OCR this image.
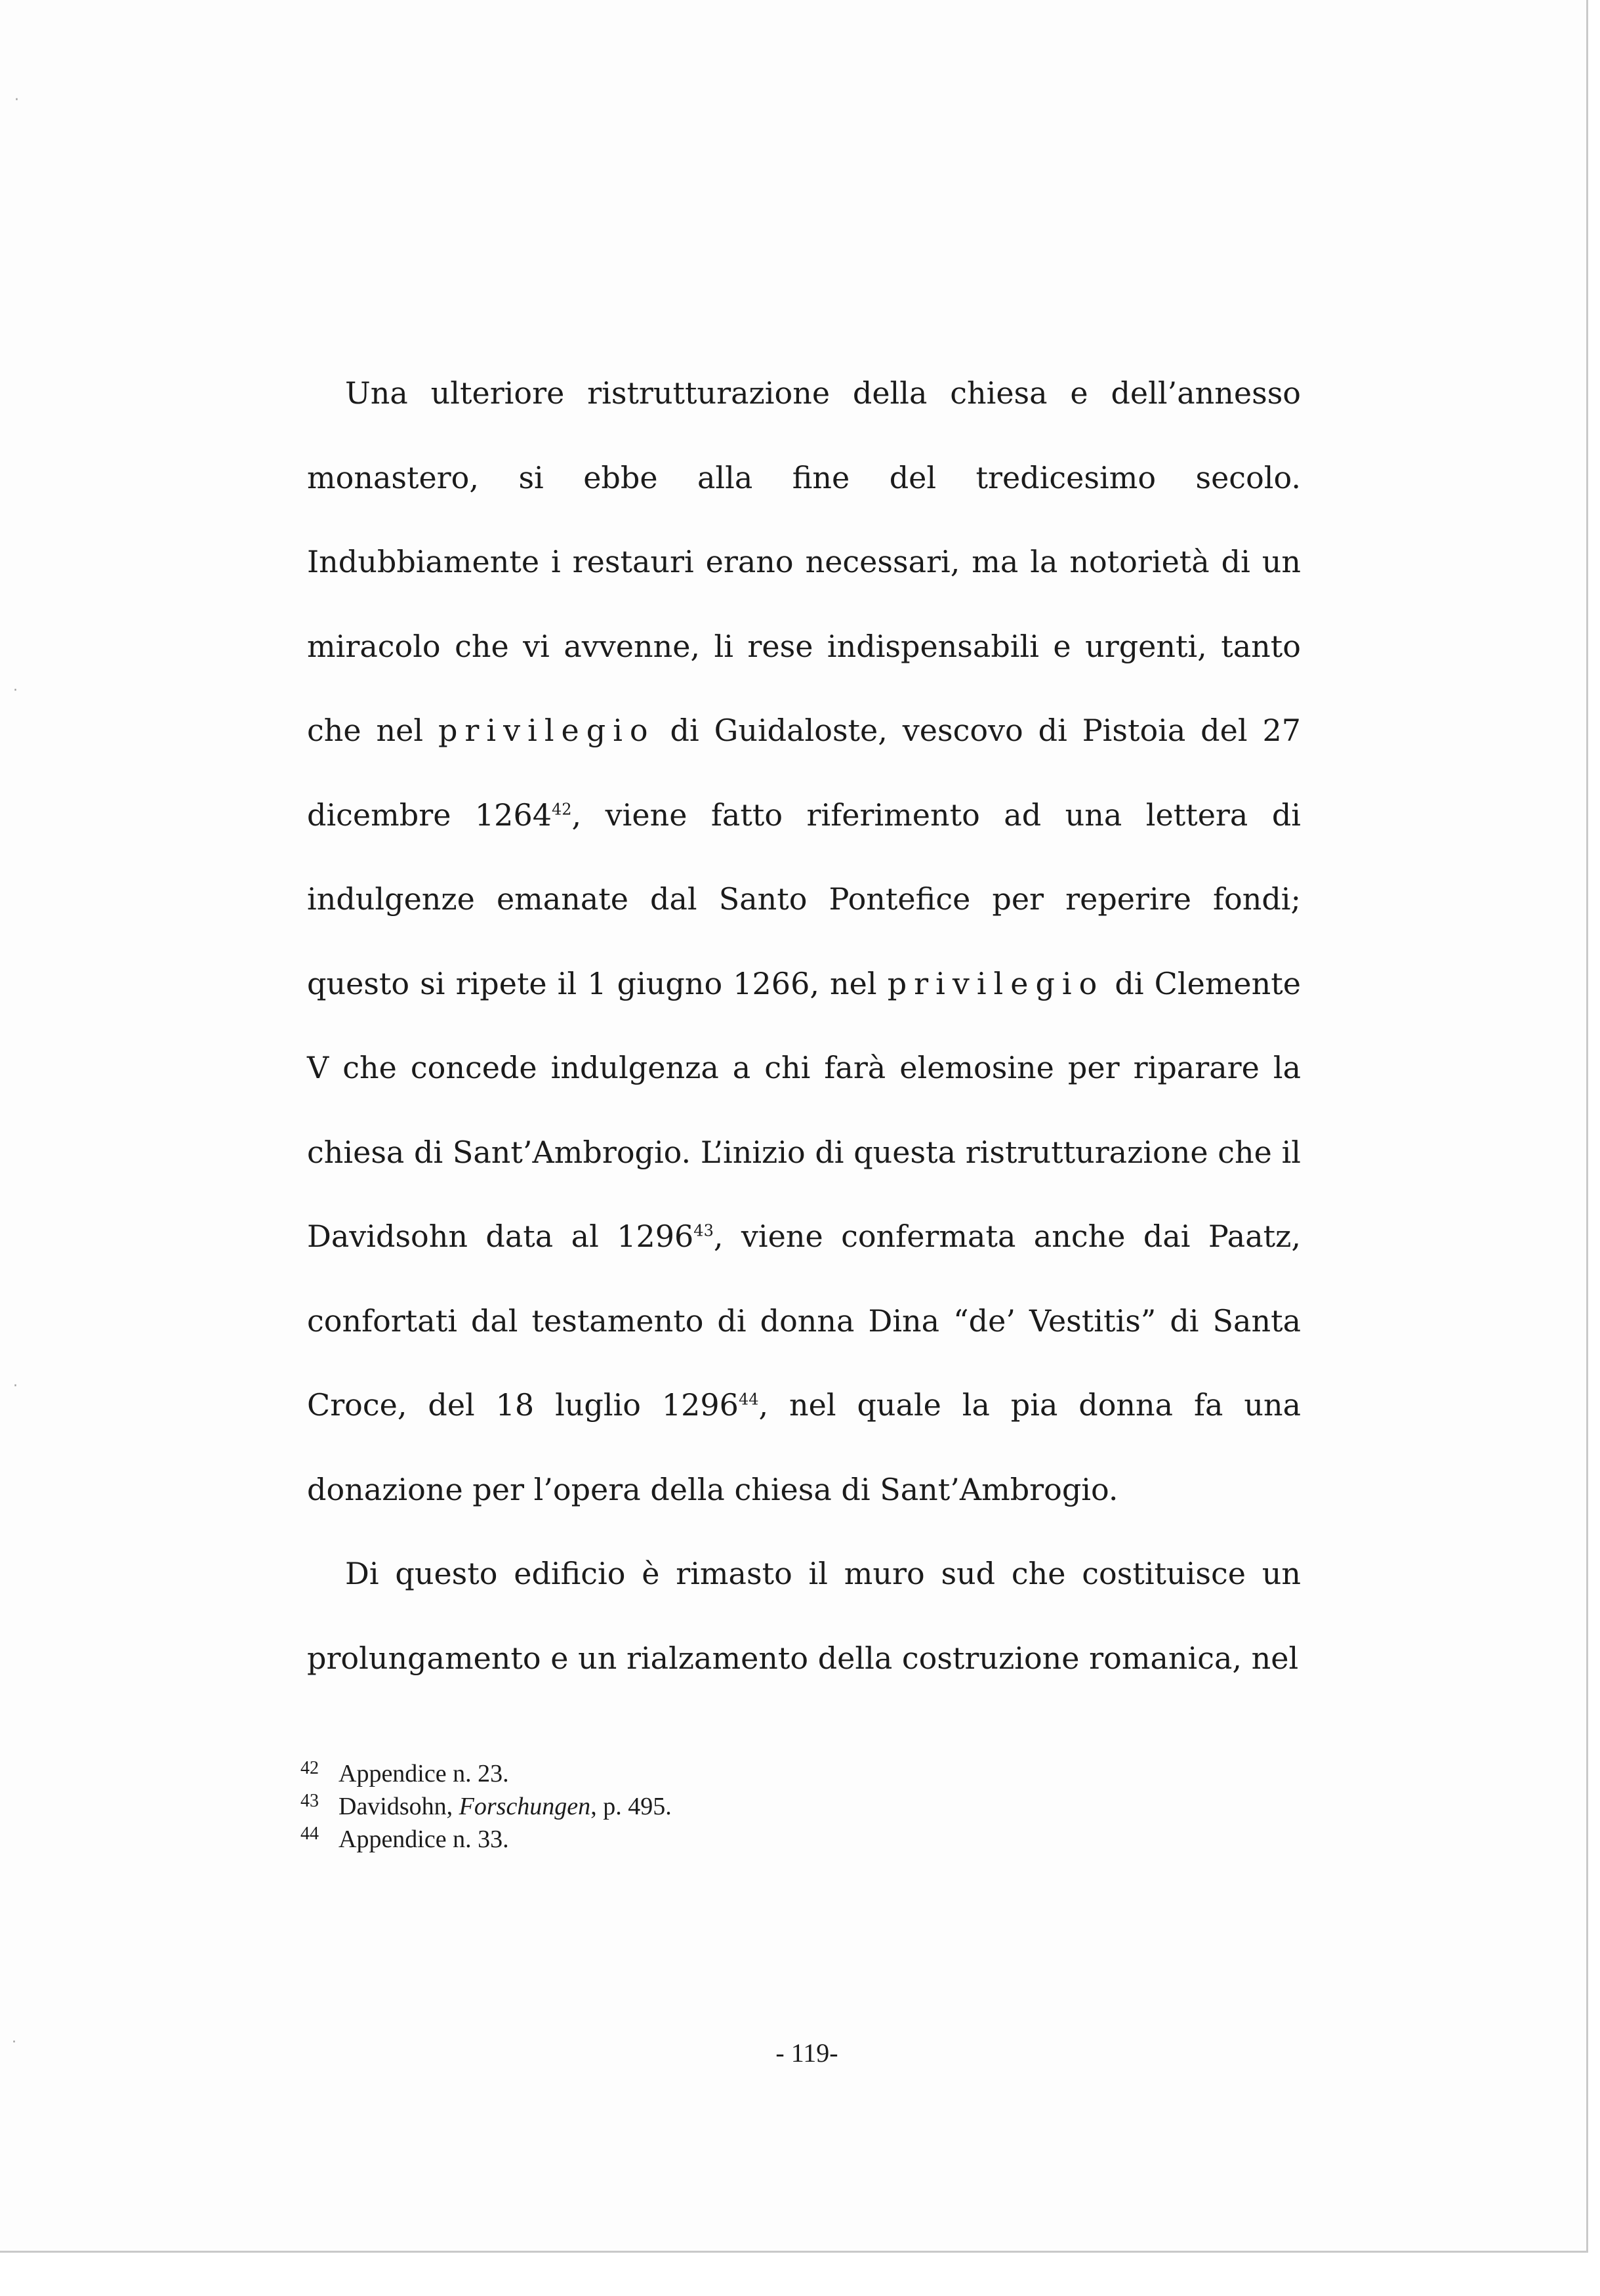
·
·
·
·

Una ulteriore ristrutturazione della chiesa e dell’annesso monastero, si ebbe alla fine del tredicesimo secolo. Indubbiamente i restauri erano necessari, ma la notorietà di un miracolo che vi avvenne, li rese indispensabili e urgenti, tanto che nel privilegio di Guidaloste, vescovo di Pistoia del 27 dicembre 1264$^{42}$, viene fatto riferimento ad una lettera di indulgenze emanate dal Santo Pontefice per reperire fondi; questo si ripete il 1 giugno 1266, nel privilegio di Clemente V che concede indulgenza a chi farà elemosine per riparare la chiesa di Sant’Ambrogio. L’inizio di questa ristrutturazione che il Davidsohn data al 1296$^{43}$, viene confermata anche dai Paatz, confortati dal testamento di donna Dina “de’ Vestitis” di Santa Croce, del 18 luglio 1296$^{44}$, nel quale la pia donna fa una donazione per l’opera della chiesa di Sant’Ambrogio.

Di questo edificio è rimasto il muro sud che costituisce un prolungamento e un rialzamento della costruzione romanica, nel

42 Appendice n. 23.
43 Davidsohn, Forschungen, p. 495.
44 Appendice n. 33.
- 119-
